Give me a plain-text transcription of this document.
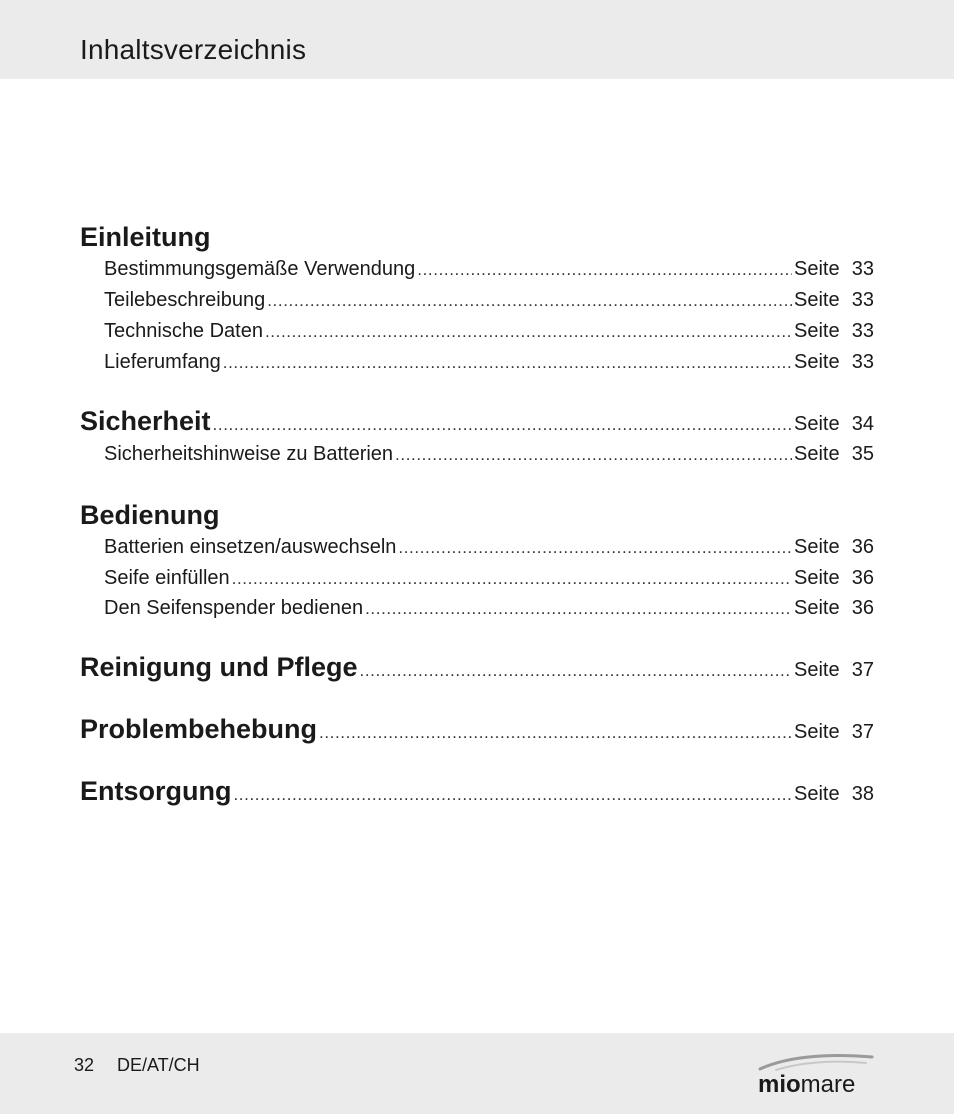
Inhaltsverzeichnis
Einleitung
Bestimmungsgemäße Verwendung .....	Seite 33
Teilebeschreibung .....	Seite 33
Technische Daten .....	Seite 33
Lieferumfang .....	Seite 33
Sicherheit .....	Seite 34
Sicherheitshinweise zu Batterien .....	Seite 35
Bedienung
Batterien einsetzen/auswechseln .....	Seite 36
Seife einfüllen .....	Seite 36
Den Seifenspender bedienen .....	Seite 36
Reinigung und Pflege .....	Seite 37
Problembehebung .....	Seite 37
Entsorgung .....	Seite 38
32 DE/AT/CH
miomare
